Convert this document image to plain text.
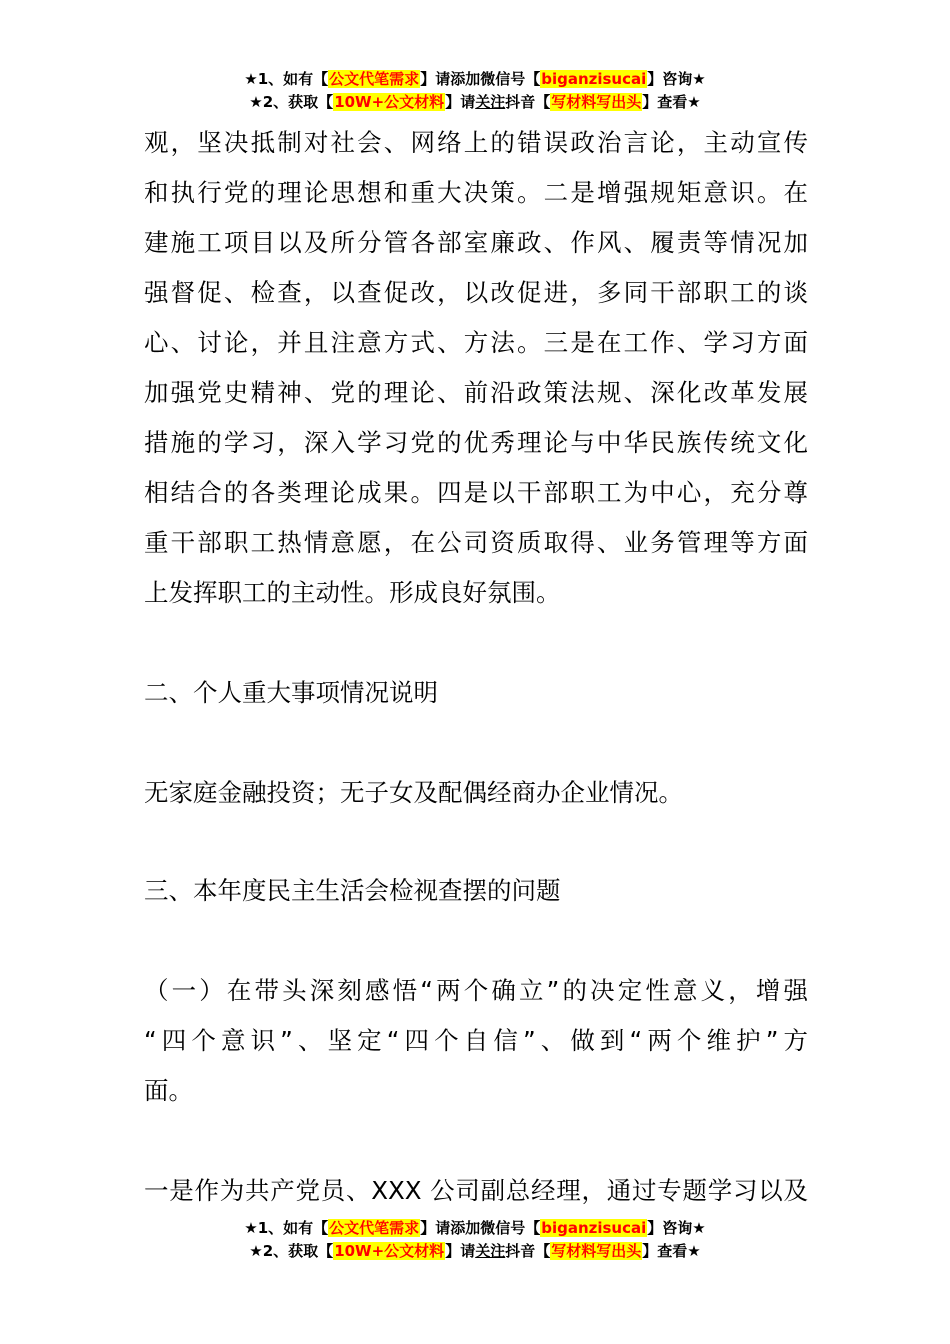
★1、如有【公文代笔需求】请添加微信号【biganzisucai】咨询★
★2、获取【10W+公文材料】请关注抖音【写材料写出头】查看★
观，坚决抵制对社会、网络上的错误政治言论，主动宣传
和执行党的理论思想和重大决策。二是增强规矩意识。在
建施工项目以及所分管各部室廉政、作风、履责等情况加
强督促、检查，以查促改，以改促进，多同干部职工的谈
心、讨论，并且注意方式、方法。三是在工作、学习方面
加强党史精神、党的理论、前沿政策法规、深化改革发展
措施的学习，深入学习党的优秀理论与中华民族传统文化
相结合的各类理论成果。四是以干部职工为中心，充分尊
重干部职工热情意愿，在公司资质取得、业务管理等方面
上发挥职工的主动性。形成良好氛围。
二、个人重大事项情况说明
无家庭金融投资；无子女及配偶经商办企业情况。
三、本年度民主生活会检视查摆的问题
（一）在带头深刻感悟“两个确立”的决定性意义，增强
“四个意识”、坚定“四个自信”、做到“两个维护”方
面。
一是作为共产党员、XXX 公司副总经理，通过专题学习以及
★1、如有【公文代笔需求】请添加微信号【biganzisucai】咨询★
★2、获取【10W+公文材料】请关注抖音【写材料写出头】查看★
